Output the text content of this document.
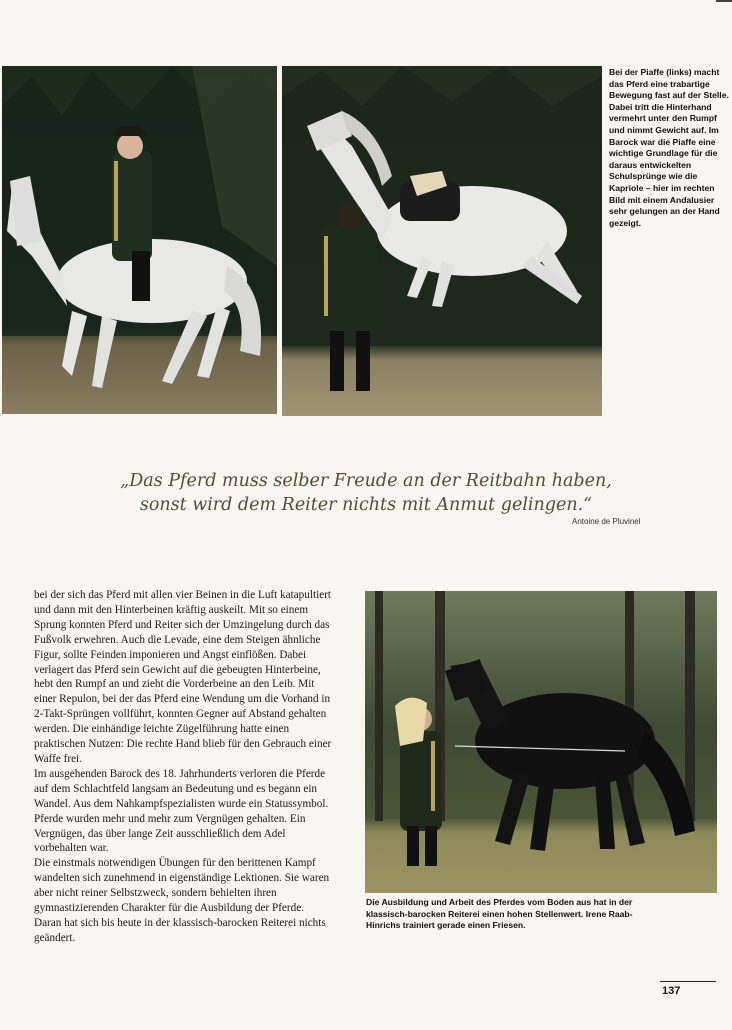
Bei der Piaffe (links) macht das Pferd eine trabartige Bewegung fast auf der Stelle. Dabei tritt die Hinterhand vermehrt unter den Rumpf und nimmt Gewicht auf. Im Barock war die Piaffe eine wichtige Grundlage für die daraus entwickelten Schulsprünge wie die Kapriole – hier im rechten Bild mit einem Andalusier sehr gelungen an der Hand gezeigt.
„Das Pferd muss selber Freude an der Reitbahn haben,
sonst wird dem Reiter nichts mit Anmut gelingen.“
Antoine de Pluvinel

bei der sich das Pferd mit allen vier Beinen in die Luft katapultiert und dann mit den Hinterbeinen kräftig auskeilt. Mit so einem Sprung konnten Pferd und Reiter sich der Umzingelung durch das Fußvolk erwehren. Auch die Levade, eine dem Steigen ähnliche Figur, sollte Feinden imponieren und Angst einflößen. Dabei verlagert das Pferd sein Gewicht auf die gebeugten Hinterbeine, hebt den Rumpf an und zieht die Vorderbeine an den Leib. Mit einer Repulon, bei der das Pferd eine Wendung um die Vorhand in 2-Takt-Sprüngen vollführt, konnten Gegner auf Abstand gehalten werden. Die einhändige leichte Zügelführung hatte einen praktischen Nutzen: Die rechte Hand blieb für den Gebrauch einer Waffe frei.

Im ausgehenden Barock des 18. Jahrhunderts verloren die Pferde auf dem Schlachtfeld langsam an Bedeutung und es begann ein Wandel. Aus dem Nahkampfspezialisten wurde ein Statussymbol. Pferde wurden mehr und mehr zum Vergnügen gehalten. Ein Vergnügen, das über lange Zeit ausschließlich dem Adel vorbehalten war.

Die einstmals notwendigen Übungen für den berittenen Kampf wandelten sich zunehmend in eigenständige Lektionen. Sie waren aber nicht reiner Selbstzweck, sondern behielten ihren gymnastizierenden Charakter für die Ausbildung der Pferde. Daran hat sich bis heute in der klassisch-barocken Reiterei nichts geändert.

Die Ausbildung und Arbeit des Pferdes vom Boden aus hat in der klassisch-barocken Reiterei einen hohen Stellenwert. Irene Raab-Hinrichs trainiert gerade einen Friesen.
137
